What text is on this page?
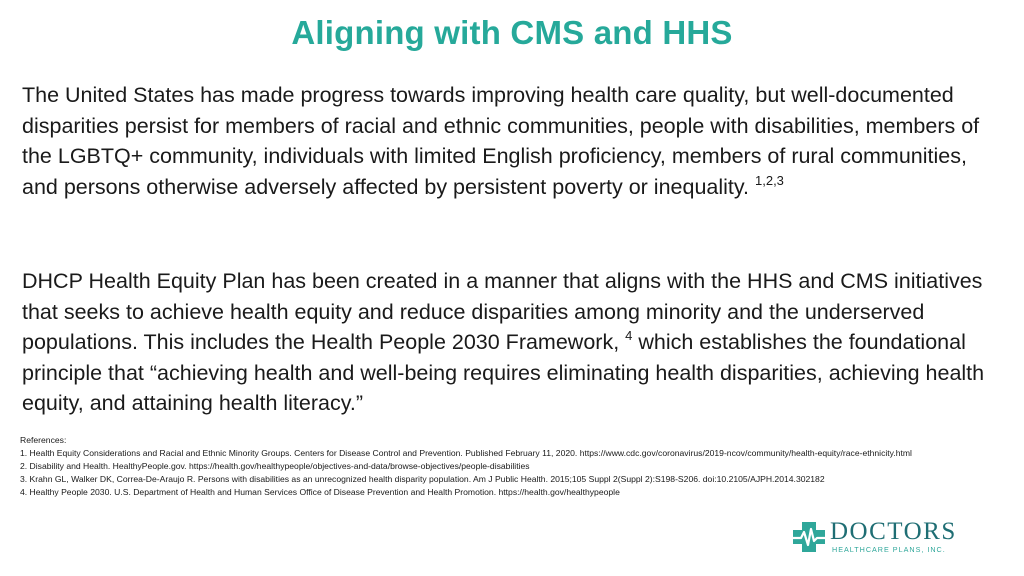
Aligning with CMS and HHS
The United States has made progress towards improving health care quality, but well-documented disparities persist for members of racial and ethnic communities, people with disabilities, members of the LGBTQ+ community, individuals with limited English proficiency, members of rural communities, and persons otherwise adversely affected by persistent poverty or inequality. $^{1,2,3}$
DHCP Health Equity Plan has been created in a manner that aligns with the HHS and CMS initiatives that seeks to achieve health equity and reduce disparities among minority and the underserved populations. This includes the Health People 2030 Framework, $^4$ which establishes the foundational principle that “achieving health and well-being requires eliminating health disparities, achieving health equity, and attaining health literacy.”
References:
1. Health Equity Considerations and Racial and Ethnic Minority Groups. Centers for Disease Control and Prevention. Published February 11, 2020. https://www.cdc.gov/coronavirus/2019-ncov/community/health-equity/race-ethnicity.html
2. Disability and Health. HealthyPeople.gov. https://health.gov/healthypeople/objectives-and-data/browse-objectives/people-disabilities
3. Krahn GL, Walker DK, Correa-De-Araujo R. Persons with disabilities as an unrecognized health disparity population. Am J Public Health. 2015;105 Suppl 2(Suppl 2):S198-S206. doi:10.2105/AJPH.2014.302182
4. Healthy People 2030. U.S. Department of Health and Human Services Office of Disease Prevention and Health Promotion. https://health.gov/healthypeople
DOCTORS
HEALTHCARE PLANS, INC.
